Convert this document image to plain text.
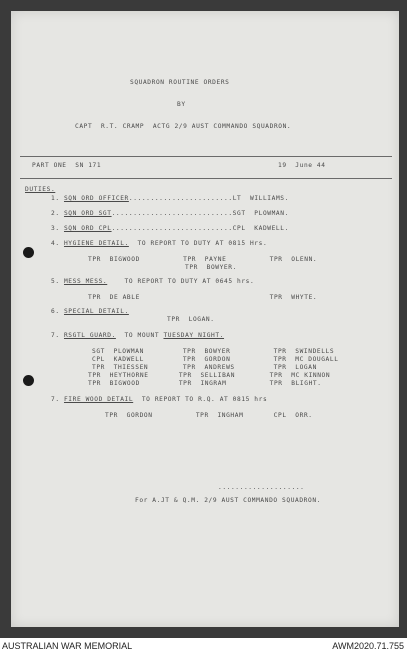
SQUADRON ROUTINE ORDERS
BY
CAPT  R.T. CRAMP  ACTG 2/9 AUST COMMANDO SQUADRON.
PART ONE  SN 171	19  June 44
DUTIES.
1. SQN ORD OFFICER........................LT  WILLIAMS.
2. SQN ORD SGT............................SGT  PLOWMAN.
3. SQN ORD CPL............................CPL  KADWELL.
4. HYGIENE DETAIL.  TO REPORT TO DUTY AT 0815 Hrs.
TPR  BIGWOOD          TPR  PAYNE          TPR  OLENN.
TPR  BOWYER.
5. MESS MESS.    TO REPORT TO DUTY AT 0645 hrs.
TPR  DE ABLE                              TPR  WHYTE.
6. SPECIAL DETAIL.
TPR  LOGAN.
7. RSGTL GUARD.  TO MOUNT TUESDAY NIGHT.
SGT  PLOWMAN         TPR  BOWYER          TPR  SWINDELLS
CPL  KADWELL         TPR  GORDON          TPR  MC DOUGALL
TPR  THIESSEN        TPR  ANDREWS         TPR  LOGAN
TPR  HEYTHORNE       TPR  SELLIBAN        TPR  MC KINNON
TPR  BIGWOOD         TPR  INGRAM          TPR  BLIGHT.
7. FIRE WOOD DETAIL  TO REPORT TO R.Q. AT 0815 hrs
TPR  GORDON          TPR  INGHAM       CPL  ORR.
....................
For A.JT & Q.M. 2/9 AUST COMMANDO SQUADRON.
AUSTRALIAN WAR MEMORIAL	AWM2020.71.755
